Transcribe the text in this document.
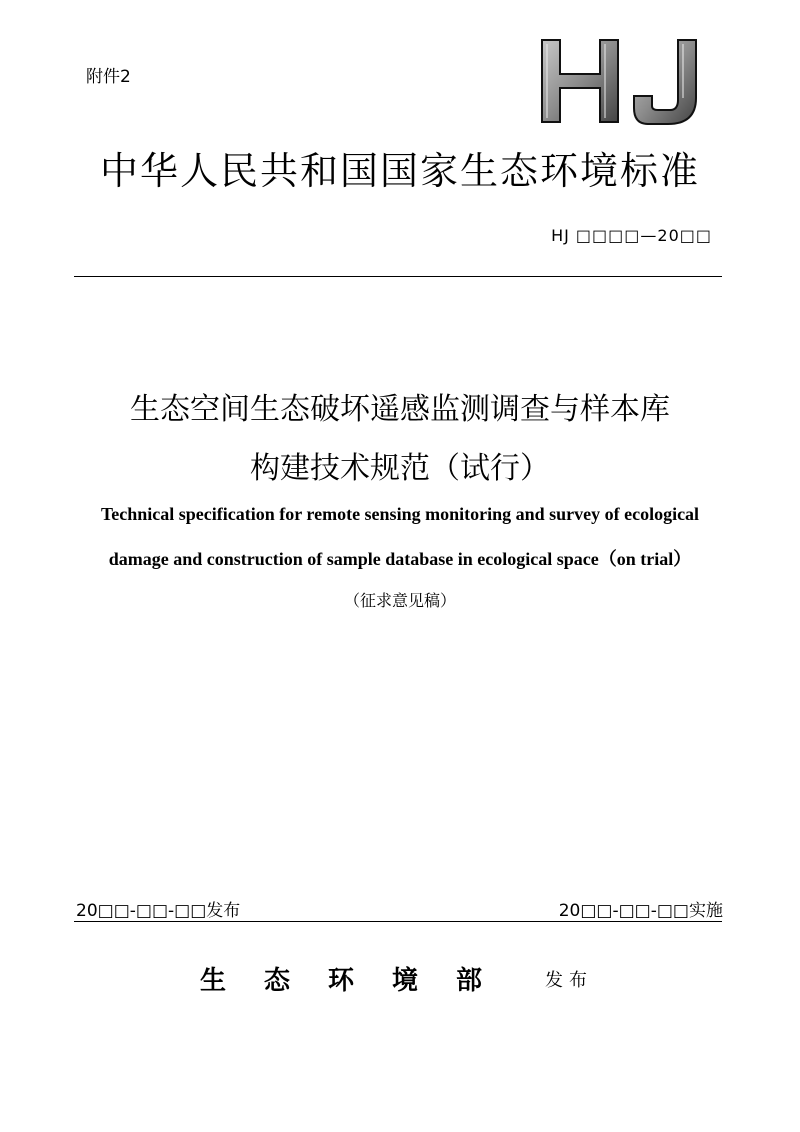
附件2
中华人民共和国国家生态环境标准
HJ □□□□—20□□
生态空间生态破坏遥感监测调查与样本库
构建技术规范（试行）
Technical specification for remote sensing monitoring and survey of ecological
damage and construction of sample database in ecological space（on trial）
（征求意见稿）
20□□-□□-□□发布	20□□-□□-□□实施
生态环境部 发布
